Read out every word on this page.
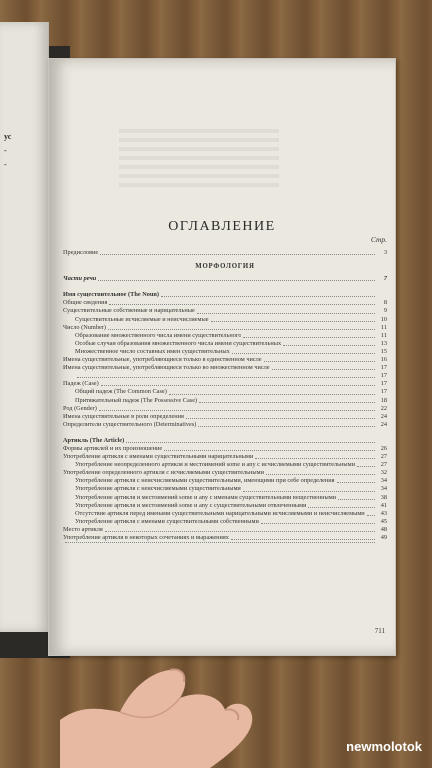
ус
-
-
ОГЛАВЛЕНИЕ
Стр.
Предисловие	3
МОРФОЛОГИЯ
Части речи	7
Имя существительное (The Noun)
Общие сведения	8
Существительные собственные и нарицательные	9
Существительные исчисляемые и неисчисляемые	10
Число (Number)	11
Образование множественного числа имени существительного	11
Особые случаи образования множественного числа имени существительных	13
Множественное число составных имен существительных	15
Имена существительные, употребляющиеся только в единственном числе	16
Имена существительные, употребляющиеся только во множественном числе	17
17
Падеж (Case)	17
Общий падеж (The Common Case)	17
Притяжательный падеж (The Possessive Case)	18
Род (Gender)	22
Имена существительные в роли определения	24
Определители существительного (Determinatives)	24
Артикль (The Article)
Формы артиклей и их произношение	26
Употребление артикля с именами существительными нарицательными	27
Употребление неопределенного артикля и местоимений some и any с исчисляемыми существительными	27
Употребление определенного артикля с исчисляемыми существительными	32
Употребление артикля с неисчисляемыми существительными, имеющими при себе определения	34
Употребление артикля с неисчисляемыми существительными	34
Употребление артикля и местоимений some и any с именами существительными вещественными	38
Употребление артикля и местоимений some и any с существительными отвлеченными	41
Отсутствие артикля перед именами существительными нарицательными исчисляемыми и неисчисляемыми	43
Употребление артикля с именами существительными собственными	45
Место артикля	48
Употребление артикля в некоторых сочетаниях и выражениях	49
711
newmolotok
